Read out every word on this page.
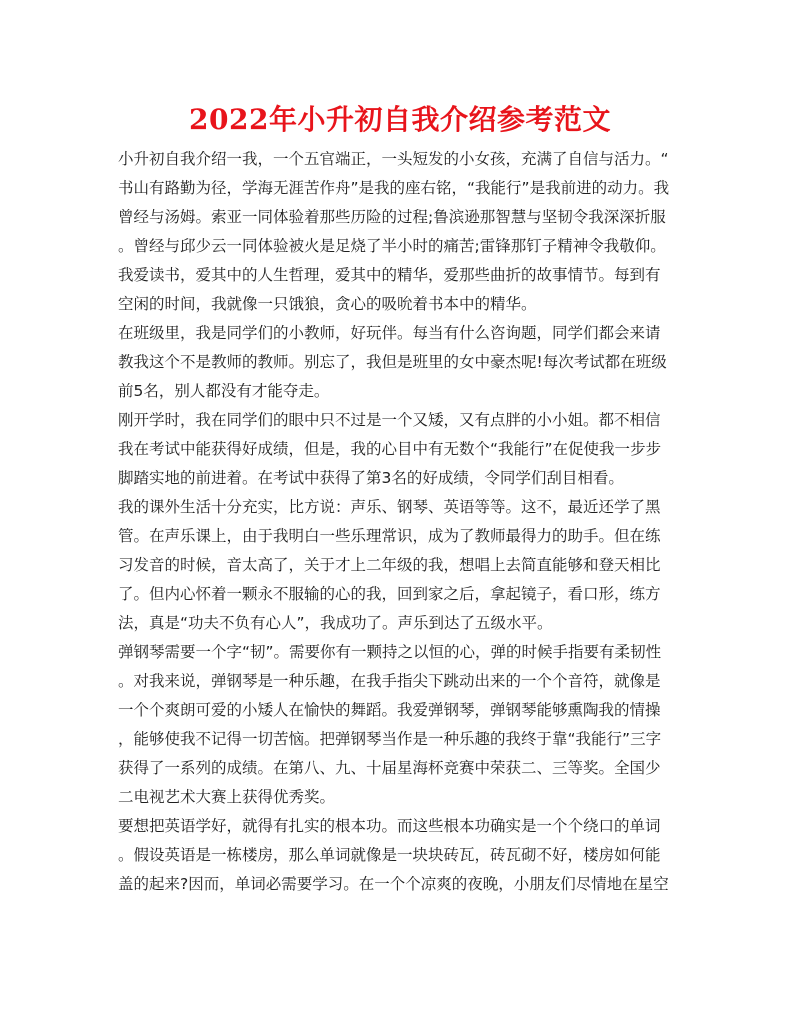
2022年小升初自我介绍参考范文
小升初自我介绍一我，一个五官端正，一头短发的小女孩，充满了自信与活力。“
书山有路勤为径，学海无涯苦作舟”是我的座右铭，“我能行”是我前进的动力。我
曾经与汤姆。索亚一同体验着那些历险的过程;鲁滨逊那智慧与坚韧令我深深折服
。曾经与邱少云一同体验被火是足烧了半小时的痛苦;雷锋那钉子精神令我敬仰。
我爱读书，爱其中的人生哲理，爱其中的精华，爱那些曲折的故事情节。每到有
空闲的时间，我就像一只饿狼，贪心的吸吮着书本中的精华。
在班级里，我是同学们的小教师，好玩伴。每当有什么咨询题，同学们都会来请
教我这个不是教师的教师。别忘了，我但是班里的女中豪杰呢!每次考试都在班级
前5名，别人都没有才能夺走。
刚开学时，我在同学们的眼中只不过是一个又矮，又有点胖的小小姐。都不相信
我在考试中能获得好成绩，但是，我的心目中有无数个“我能行”在促使我一步步
脚踏实地的前进着。在考试中获得了第3名的好成绩，令同学们刮目相看。
我的课外生活十分充实，比方说：声乐、钢琴、英语等等。这不，最近还学了黑
管。在声乐课上，由于我明白一些乐理常识，成为了教师最得力的助手。但在练
习发音的时候，音太高了，关于才上二年级的我，想唱上去简直能够和登天相比
了。但内心怀着一颗永不服输的心的我，回到家之后，拿起镜子，看口形，练方
法，真是“功夫不负有心人”，我成功了。声乐到达了五级水平。
弹钢琴需要一个字“韧”。需要你有一颗持之以恒的心，弹的时候手指要有柔韧性
。对我来说，弹钢琴是一种乐趣，在我手指尖下跳动出来的一个个音符，就像是
一个个爽朗可爱的小矮人在愉快的舞蹈。我爱弹钢琴，弹钢琴能够熏陶我的情操
，能够使我不记得一切苦恼。把弹钢琴当作是一种乐趣的我终于靠“我能行”三字
获得了一系列的成绩。在第八、九、十届星海杯竞赛中荣获二、三等奖。全国少
二电视艺术大赛上获得优秀奖。
要想把英语学好，就得有扎实的根本功。而这些根本功确实是一个个绕口的单词
。假设英语是一栋楼房，那么单词就像是一块块砖瓦，砖瓦砌不好，楼房如何能
盖的起来?因而，单词必需要学习。在一个个凉爽的夜晚，小朋友们尽情地在星空
